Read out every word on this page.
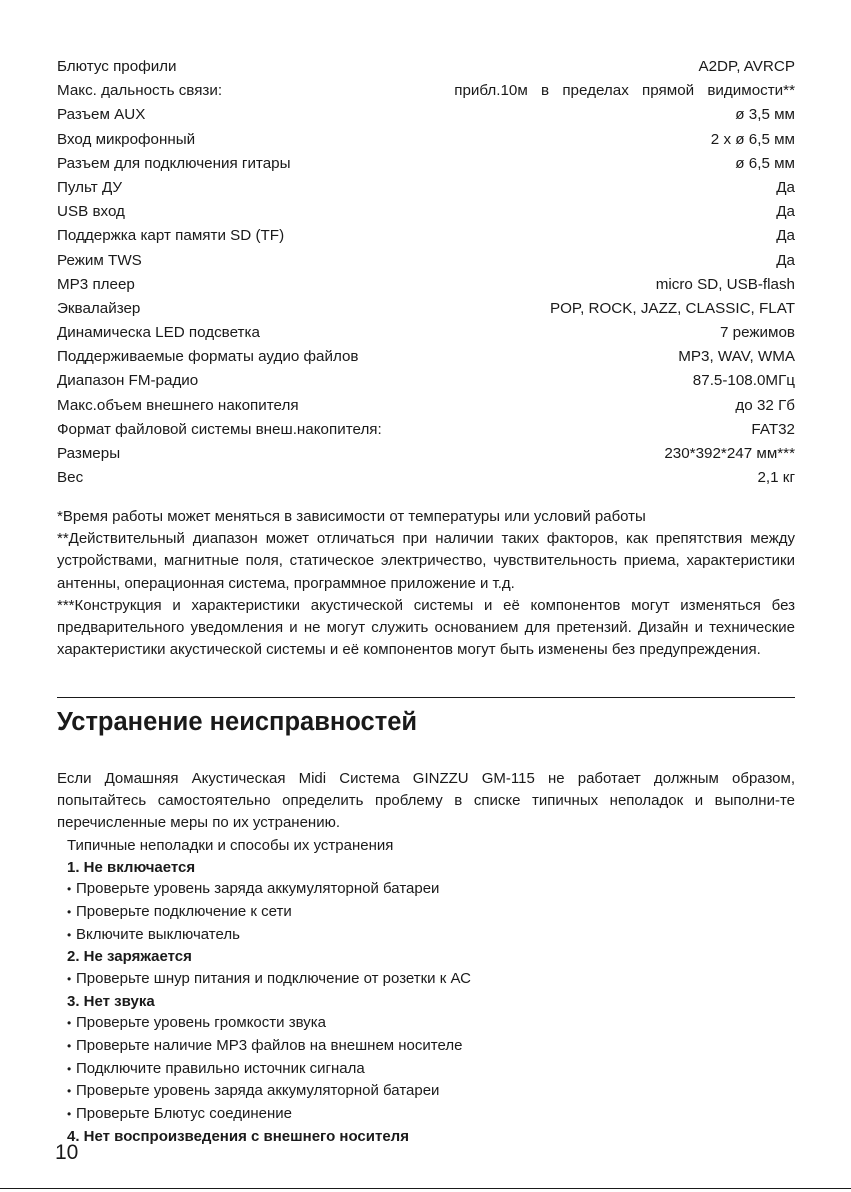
Блютус профили	A2DP, AVRCP
Макс. дальность связи:	прибл.10м в пределах прямой видимости**
Разъем AUX	ø 3,5 мм
Вход микрофонный	2 х ø 6,5 мм
Разъем для подключения гитары	ø 6,5 мм
Пульт ДУ	Да
USB вход	Да
Поддержка карт памяти SD (TF)	Да
Режим TWS	Да
MP3 плеер	micro SD, USB-flash
Эквалайзер	POP, ROCK, JAZZ, CLASSIC, FLAT
Динамическа LED подсветка	7 режимов
Поддерживаемые форматы аудио файлов	MP3, WAV, WMA
Диапазон FM-радио	87.5-108.0МГц
Макс.объем внешнего накопителя	до 32 Гб
Формат файловой системы внеш.накопителя:	FAT32
Размеры	230*392*247 мм***
Вес	2,1 кг

*Время работы может меняться в зависимости от температуры или условий работы

**Действительный диапазон может отличаться при наличии таких факторов, как препятствия между устройствами, магнитные поля, статическое электричество, чувствительность приема, характеристики антенны, операционная система, программное приложение и т.д.

***Конструкция и характеристики акустической системы и её компонентов могут изменяться без предварительного уведомления и не могут служить основанием для претензий. Дизайн и технические характеристики акустической системы и её компонентов могут быть изменены без предупреждения.

Устранение неисправностей

Если Домашняя Акустическая Midi Система GINZZU GM-115 не работает должным образом, попытайтесь самостоятельно определить проблему в списке типичных неполадок и выполни-те перечисленные меры по их устранению.

Типичные неполадки и способы их устранения
1. Не включается
• Проверьте уровень заряда аккумуляторной батареи
• Проверьте подключение к сети
• Включите выключатель
2. Не заряжается
• Проверьте шнур питания и подключение от розетки к АС
3. Нет звука
• Проверьте уровень громкости звука
• Проверьте наличие MP3 файлов на внешнем носителе
• Подключите правильно источник сигнала
• Проверьте уровень заряда аккумуляторной батареи
• Проверьте Блютус соединение
4. Нет воспроизведения с внешнего носителя
10
